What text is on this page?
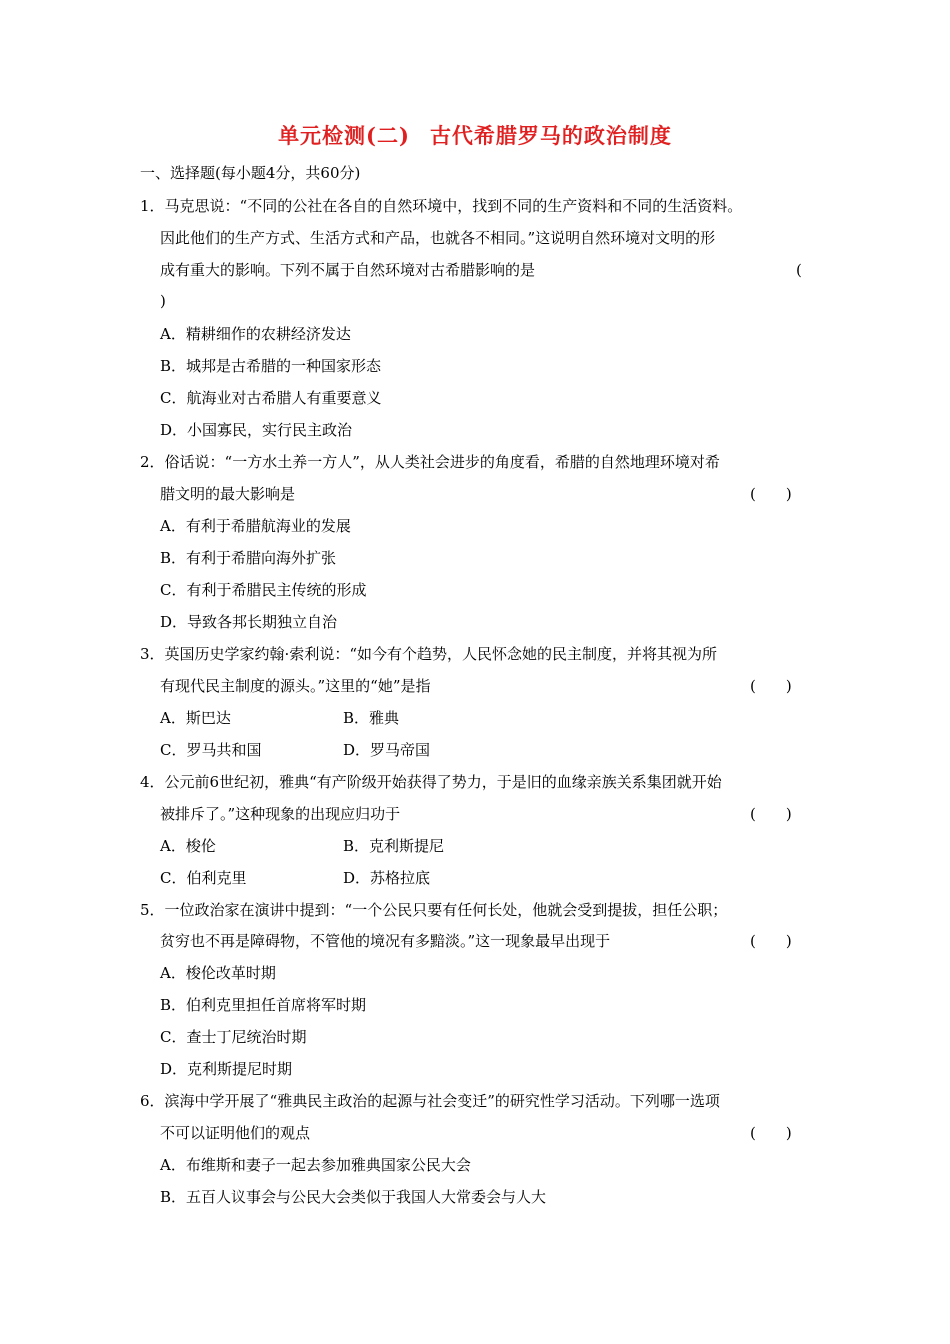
单元检测(二) 古代希腊罗马的政治制度
一、选择题(每小题4分，共60分)
1．马克思说：“不同的公社在各自的自然环境中，找到不同的生产资料和不同的生活资料。
因此他们的生产方式、生活方式和产品，也就各不相同。”这说明自然环境对文明的形
成有重大的影响。下列不属于自然环境对古希腊影响的是	(
)
A．精耕细作的农耕经济发达
B．城邦是古希腊的一种国家形态
C．航海业对古希腊人有重要意义
D．小国寡民，实行民主政治
2．俗话说：“一方水土养一方人”，从人类社会进步的角度看，希腊的自然地理环境对希
腊文明的最大影响是	(　　)
A．有利于希腊航海业的发展
B．有利于希腊向海外扩张
C．有利于希腊民主传统的形成
D．导致各邦长期独立自治
3．英国历史学家约翰·索利说：“如今有个趋势，人民怀念她的民主制度，并将其视为所
有现代民主制度的源头。”这里的“她”是指	(　　)
A．斯巴达	B．雅典
C．罗马共和国	D．罗马帝国
4．公元前6世纪初，雅典“有产阶级开始获得了势力，于是旧的血缘亲族关系集团就开始
被排斥了。”这种现象的出现应归功于	(　　)
A．梭伦	B．克利斯提尼
C．伯利克里	D．苏格拉底
5．一位政治家在演讲中提到：“一个公民只要有任何长处，他就会受到提拔，担任公职；
贫穷也不再是障碍物，不管他的境况有多黯淡。”这一现象最早出现于	(　　)
A．梭伦改革时期
B．伯利克里担任首席将军时期
C．查士丁尼统治时期
D．克利斯提尼时期
6．滨海中学开展了“雅典民主政治的起源与社会变迁”的研究性学习活动。下列哪一选项
不可以证明他们的观点	(　　)
A．布维斯和妻子一起去参加雅典国家公民大会
B．五百人议事会与公民大会类似于我国人大常委会与人大
